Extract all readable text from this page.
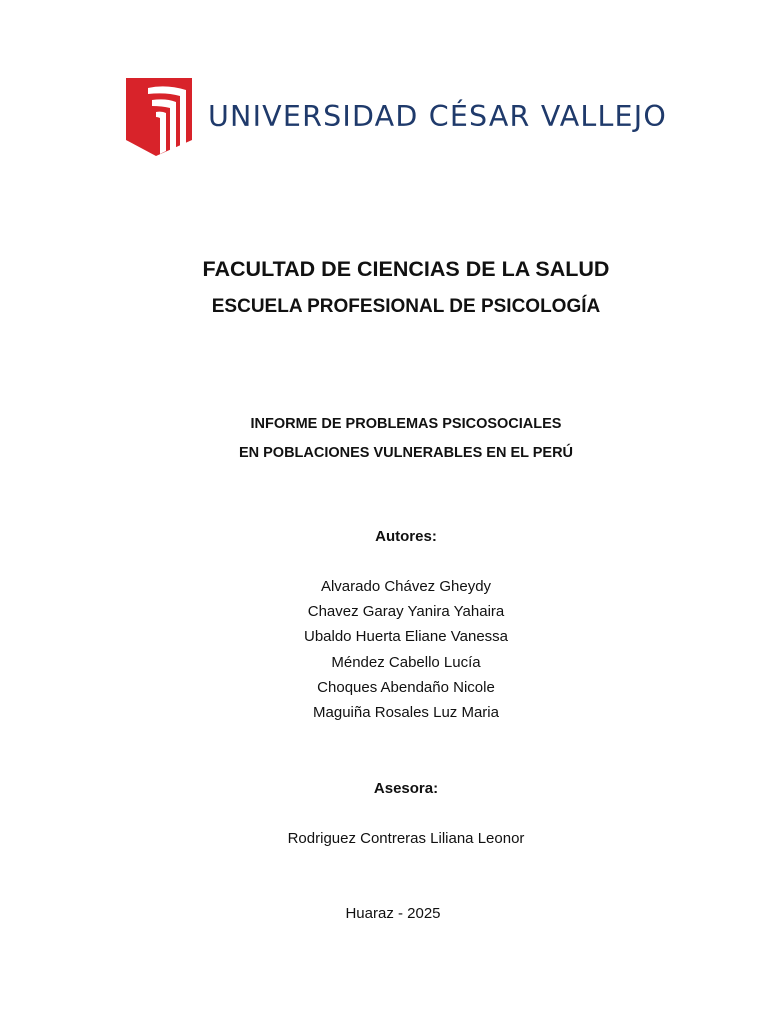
UNIVERSIDAD CÉSAR VALLEJO
FACULTAD DE CIENCIAS DE LA SALUD
ESCUELA PROFESIONAL DE PSICOLOGÍA
INFORME DE PROBLEMAS PSICOSOCIALES
EN POBLACIONES VULNERABLES EN EL PERÚ
Autores:
Alvarado Chávez Gheydy
Chavez Garay Yanira Yahaira
Ubaldo Huerta Eliane Vanessa
Méndez Cabello Lucía
Choques Abendaño Nicole
Maguiña Rosales Luz Maria
Asesora:
Rodriguez Contreras Liliana Leonor
Huaraz - 2025
